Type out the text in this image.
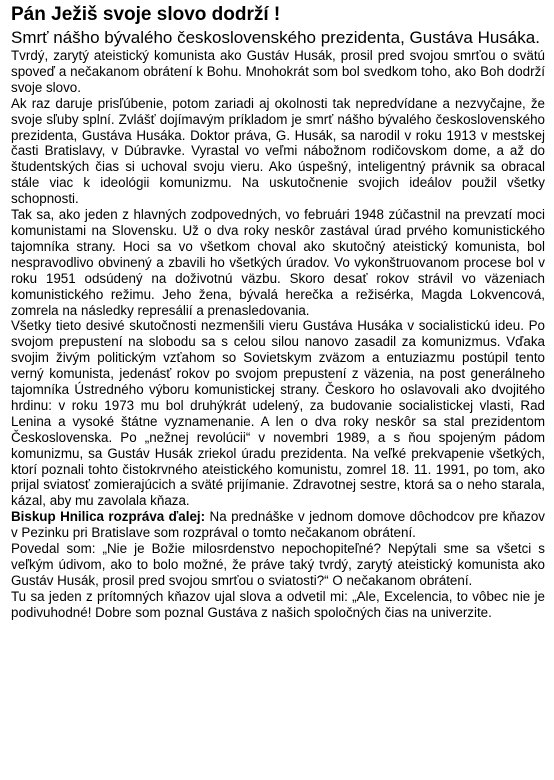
Pán Ježiš svoje slovo dodrží !
Smrť nášho bývalého československého prezidenta, Gustáva Husáka.

Tvrdý, zarytý ateistický komunista ako Gustáv Husák, prosil pred svojou smrťou o svätú spoveď a nečakanom obrátení k Bohu. Mnohokrát som bol svedkom toho, ako Boh dodrží svoje slovo.

Ak raz daruje prisľúbenie, potom zariadi aj okolnosti tak nepredvídane a nezvyčajne, že svoje sľuby splní. Zvlášť dojímavým príkladom je smrť nášho bývalého československého prezidenta, Gustáva Husáka. Doktor práva, G. Husák, sa narodil v roku 1913 v mestskej časti Bratislavy, v Dúbravke. Vyrastal vo veľmi nábožnom rodičovskom dome, a až do študentských čias si uchoval svoju vieru. Ako úspešný, inteligentný právnik sa obracal stále viac k ideológii komunizmu. Na uskutočnenie svojich ideálov použil všetky schopnosti.

Tak sa, ako jeden z hlavných zodpovedných, vo februári 1948 zúčastnil na prevzatí moci komunistami na Slovensku. Už o dva roky neskôr zastával úrad prvého komunistického tajomníka strany. Hoci sa vo všetkom choval ako skutočný ateistický komunista, bol nespravodlivo obvinený a zbavili ho všetkých úradov. Vo vykonštruovanom procese bol v roku 1951 odsúdený na doživotnú väzbu. Skoro desať rokov strávil vo väzeniach komunistického režimu. Jeho žena, bývalá herečka a režisérka, Magda Lokvencová, zomrela na následky represálií a prenasledovania.

Všetky tieto desivé skutočnosti nezmenšili vieru Gustáva Husáka v socialistickú ideu. Po svojom prepustení na slobodu sa s celou silou nanovo zasadil za komunizmus. Vďaka svojim živým politickým vzťahom so Sovietskym zväzom a entuziazmu postúpil tento verný komunista, jedenásť rokov po svojom prepustení z väzenia, na post generálneho tajomníka Ústredného výboru komunistickej strany. Českoro ho oslavovali ako dvojitého hrdinu: v roku 1973 mu bol druhýkrát udelený, za budovanie socialistickej vlasti, Rad Lenina a vysoké štátne vyznamenanie. A len o dva roky neskôr sa stal prezidentom Československa. Po „nežnej revolúcii“ v novembri 1989, a s ňou spojeným pádom komunizmu, sa Gustáv Husák zriekol úradu prezidenta. Na veľké prekvapenie všetkých, ktorí poznali tohto čistokrvného ateistického komunistu, zomrel 18. 11. 1991, po tom, ako prijal sviatosť zomierajúcich a sväté prijímanie. Zdravotnej sestre, ktorá sa o neho starala, kázal, aby mu zavolala kňaza.

Biskup Hnilica rozpráva ďalej: Na prednáške v jednom domove dôchodcov pre kňazov v Pezinku pri Bratislave som rozprával o tomto nečakanom obrátení.

Povedal som: „Nie je Božie milosrdenstvo nepochopiteľné? Nepýtali sme sa všetci s veľkým údivom, ako to bolo možné, že práve taký tvrdý, zarytý ateistický komunista ako Gustáv Husák, prosil pred svojou smrťou o sviatosti?“ O nečakanom obrátení.

Tu sa jeden z prítomných kňazov ujal slova a odvetil mi: „Ale, Excelencia, to vôbec nie je podivuhodné! Dobre som poznal Gustáva z našich spoločných čias na univerzite.
